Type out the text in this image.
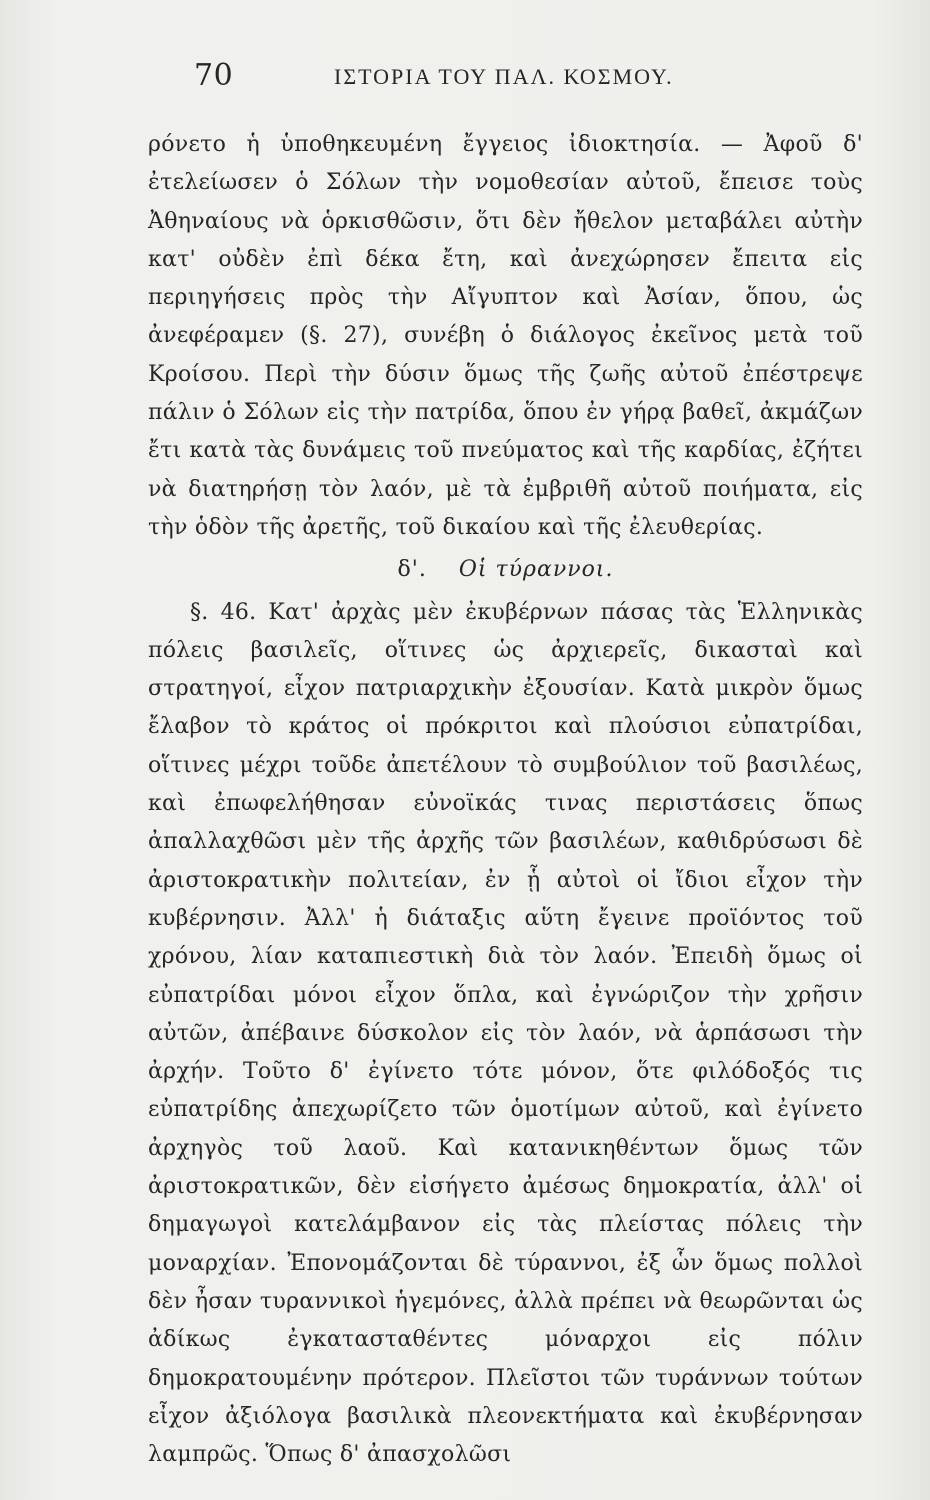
70	ΙΣΤΟΡΙΑ ΤΟΥ ΠΑΛ. ΚΟΣΜΟΥ.

ρόνετο ἡ ὑποθηκευμένη ἔγγειος ἰδιοκτησία. — Ἀφοῦ δ' ἐτελείωσεν ὁ Σόλων τὴν νομοθεσίαν αὐτοῦ, ἔπεισε τοὺς Ἀθηναίους νὰ ὁρκισθῶσιν, ὅτι δὲν ἤθελον μεταβάλει αὐτὴν κατ' οὐδὲν ἐπὶ δέκα ἔτη, καὶ ἀνεχώρησεν ἔπειτα εἰς περιηγήσεις πρὸς τὴν Αἴγυπτον καὶ Ἀσίαν, ὅπου, ὡς ἀνεφέραμεν (§. 27), συνέβη ὁ διάλογος ἐκεῖνος μετὰ τοῦ Κροίσου. Περὶ τὴν δύσιν ὅμως τῆς ζωῆς αὐτοῦ ἐπέστρεψε πάλιν ὁ Σόλων εἰς τὴν πατρίδα, ὅπου ἐν γήρᾳ βαθεῖ, ἀκμάζων ἔτι κατὰ τὰς δυνάμεις τοῦ πνεύματος καὶ τῆς καρδίας, ἐζήτει νὰ διατηρήσῃ τὸν λαόν, μὲ τὰ ἐμβριθῆ αὐτοῦ ποιήματα, εἰς τὴν ὁδὸν τῆς ἀρετῆς, τοῦ δικαίου καὶ τῆς ἐλευθερίας.

δ'. Οἱ τύραννοι.

§. 46. Κατ' ἀρχὰς μὲν ἐκυβέρνων πάσας τὰς Ἑλληνικὰς πόλεις βασιλεῖς, οἵτινες ὡς ἀρχιερεῖς, δικασταὶ καὶ στρατηγοί, εἶχον πατριαρχικὴν ἐξουσίαν. Κατὰ μικρὸν ὅμως ἔλαβον τὸ κράτος οἱ πρόκριτοι καὶ πλούσιοι εὐπατρίδαι, οἵτινες μέχρι τοῦδε ἀπετέλουν τὸ συμβούλιον τοῦ βασιλέως, καὶ ἐπωφελήθησαν εὐνοϊκάς τινας περιστάσεις ὅπως ἀπαλλαχθῶσι μὲν τῆς ἀρχῆς τῶν βασιλέων, καθιδρύσωσι δὲ ἀριστοκρατικὴν πολιτείαν, ἐν ᾗ αὐτοὶ οἱ ἴδιοι εἶχον τὴν κυβέρνησιν. Ἀλλ' ἡ διάταξις αὕτη ἔγεινε προϊόντος τοῦ χρόνου, λίαν καταπιεστικὴ διὰ τὸν λαόν. Ἐπειδὴ ὅμως οἱ εὐπατρίδαι μόνοι εἶχον ὅπλα, καὶ ἐγνώριζον τὴν χρῆσιν αὐτῶν, ἀπέβαινε δύσκολον εἰς τὸν λαόν, νὰ ἁρπάσωσι τὴν ἀρχήν. Τοῦτο δ' ἐγίνετο τότε μόνον, ὅτε φιλόδοξός τις εὐπατρίδης ἀπεχωρίζετο τῶν ὁμοτίμων αὐτοῦ, καὶ ἐγίνετο ἀρχηγὸς τοῦ λαοῦ. Καὶ κατανικηθέντων ὅμως τῶν ἀριστοκρατικῶν, δὲν εἰσήγετο ἀμέσως δημοκρατία, ἀλλ' οἱ δημαγωγοὶ κατελάμβανον εἰς τὰς πλείστας πόλεις τὴν μοναρχίαν. Ἐπονομάζονται δὲ τύραννοι, ἐξ ὧν ὅμως πολλοὶ δὲν ἦσαν τυραννικοὶ ἡγεμόνες, ἀλλὰ πρέπει νὰ θεωρῶνται ὡς ἀδίκως ἐγκατασταθέντες μόναρχοι εἰς πόλιν δημοκρατουμένην πρότερον. Πλεῖστοι τῶν τυράννων τούτων εἶχον ἀξιόλογα βασιλικὰ πλεονεκτήματα καὶ ἐκυβέρνησαν λαμπρῶς. Ὅπως δ' ἀπασχολῶσι
